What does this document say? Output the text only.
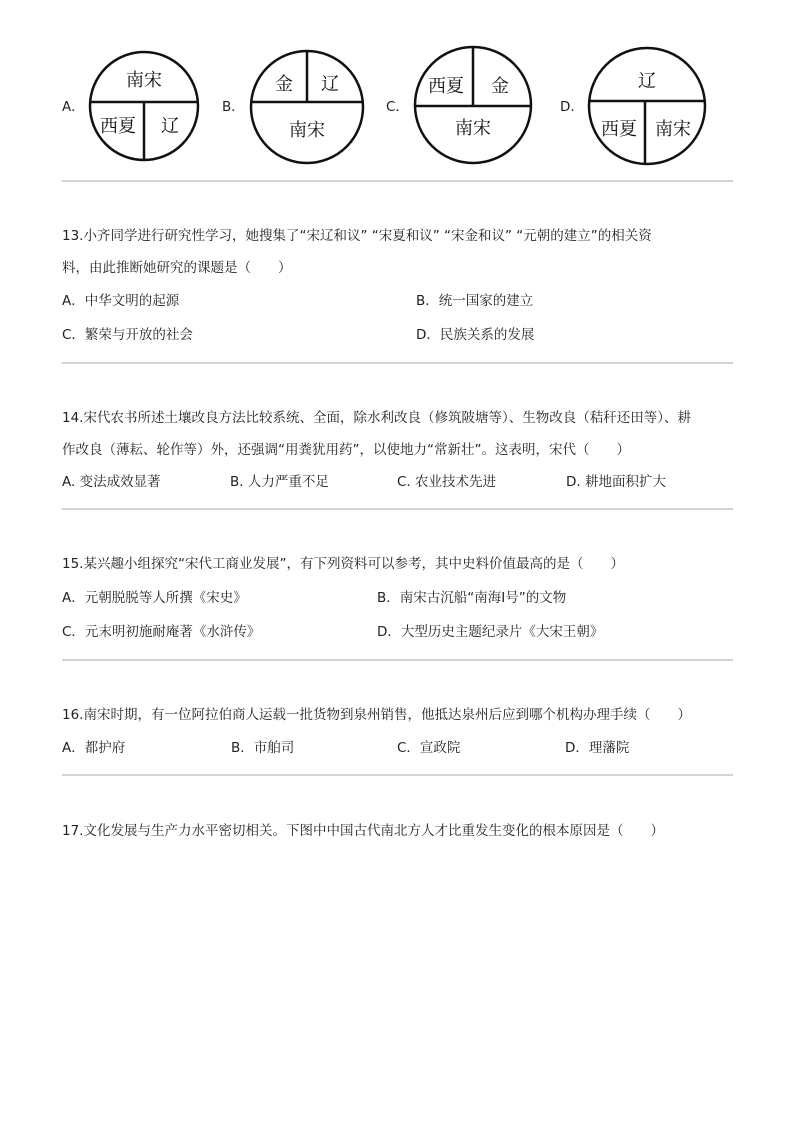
A．
南宋
西夏 辽
B．
金 辽
南宋
C．
西夏 金
南宋
D．
辽
西夏 南宋
13.小齐同学进行研究性学习，她搜集了“宋辽和议” “宋夏和议” “宋金和议” “元朝的建立”的相关资
料，由此推断她研究的课题是（　　）
A．中华文明的起源	B．统一国家的建立
C．繁荣与开放的社会	D．民族关系的发展
14.宋代农书所述土壤改良方法比较系统、全面，除水利改良（修筑陂塘等）、生物改良（秸秆还田等）、耕
作改良（薄耘、轮作等）外，还强调“用粪犹用药”，以使地力“常新壮”。这表明，宋代（　　）
A. 变法成效显著	B. 人力严重不足	C. 农业技术先进	D. 耕地面积扩大
15.某兴趣小组探究“宋代工商业发展”，有下列资料可以参考，其中史料价值最高的是（　　）
A．元朝脱脱等人所撰《宋史》	B．南宋古沉船“南海Ⅰ号”的文物
C．元末明初施耐庵著《水浒传》	D．大型历史主题纪录片《大宋王朝》
16.南宋时期，有一位阿拉伯商人运载一批货物到泉州销售，他抵达泉州后应到哪个机构办理手续（　　）
A．都护府	B．市舶司	C．宣政院	D．理藩院
17.文化发展与生产力水平密切相关。下图中中国古代南北方人才比重发生变化的根本原因是（　　）
